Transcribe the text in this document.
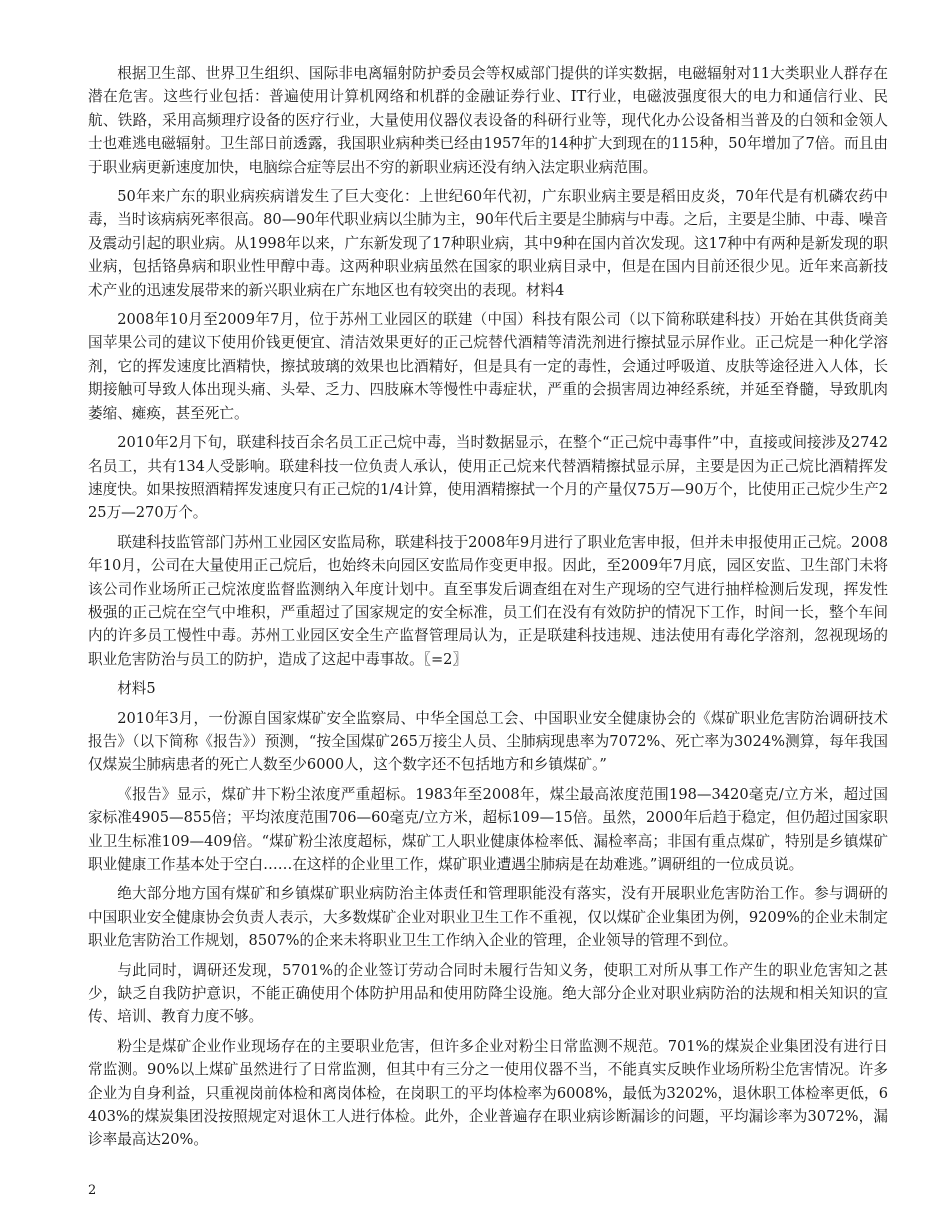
根据卫生部、世界卫生组织、国际非电离辐射防护委员会等权威部门提供的详实数据，电磁辐射对11大类职业人群存在潜在危害。这些行业包括：普遍使用计算机网络和机群的金融证券行业、IT行业，电磁波强度很大的电力和通信行业、民航、铁路，采用高频理疗设备的医疗行业，大量使用仪器仪表设备的科研行业等，现代化办公设备相当普及的白领和金领人士也难逃电磁辐射。卫生部日前透露，我国职业病种类已经由1957年的14种扩大到现在的115种，50年增加了7倍。而且由于职业病更新速度加快，电脑综合症等层出不穷的新职业病还没有纳入法定职业病范围。

50年来广东的职业病疾病谱发生了巨大变化：上世纪60年代初，广东职业病主要是稻田皮炎，70年代是有机磷农药中毒，当时该病病死率很高。80—90年代职业病以尘肺为主，90年代后主要是尘肺病与中毒。之后，主要是尘肺、中毒、噪音及震动引起的职业病。从1998年以来，广东新发现了17种职业病，其中9种在国内首次发现。这17种中有两种是新发现的职业病，包括铬鼻病和职业性甲醇中毒。这两种职业病虽然在国家的职业病目录中，但是在国内目前还很少见。近年来高新技术产业的迅速发展带来的新兴职业病在广东地区也有较突出的表现。材料4

2008年10月至2009年7月，位于苏州工业园区的联建（中国）科技有限公司（以下简称联建科技）开始在其供货商美国苹果公司的建议下使用价钱更便宜、清洁效果更好的正己烷替代酒精等清洗剂进行擦拭显示屏作业。正己烷是一种化学溶剂，它的挥发速度比酒精快，擦拭玻璃的效果也比酒精好，但是具有一定的毒性，会通过呼吸道、皮肤等途径进入人体，长期接触可导致人体出现头痛、头晕、乏力、四肢麻木等慢性中毒症状，严重的会损害周边神经系统，并延至脊髓，导致肌肉萎缩、瘫痪，甚至死亡。

2010年2月下旬，联建科技百余名员工正己烷中毒，当时数据显示，在整个“正己烷中毒事件”中，直接或间接涉及2742名员工，共有134人受影响。联建科技一位负责人承认，使用正己烷来代替酒精擦拭显示屏，主要是因为正己烷比酒精挥发速度快。如果按照酒精挥发速度只有正己烷的1/4计算，使用酒精擦拭一个月的产量仅75万—90万个，比使用正己烷少生产225万—270万个。

联建科技监管部门苏州工业园区安监局称，联建科技于2008年9月进行了职业危害申报，但并未申报使用正己烷。2008年10月，公司在大量使用正己烷后，也始终未向园区安监局作变更申报。因此，至2009年7月底，园区安监、卫生部门未将该公司作业场所正己烷浓度监督监测纳入年度计划中。直至事发后调查组在对生产现场的空气进行抽样检测后发现，挥发性极强的正己烷在空气中堆积，严重超过了国家规定的安全标准，员工们在没有有效防护的情况下工作，时间一长，整个车间内的许多员工慢性中毒。苏州工业园区安全生产监督管理局认为，正是联建科技违规、违法使用有毒化学溶剂，忽视现场的职业危害防治与员工的防护，造成了这起中毒事故。〖=2〗

材料5

2010年3月，一份源自国家煤矿安全监察局、中华全国总工会、中国职业安全健康协会的《煤矿职业危害防治调研技术报告》（以下简称《报告》）预测，“按全国煤矿265万接尘人员、尘肺病现患率为7072%、死亡率为3024%测算，每年我国仅煤炭尘肺病患者的死亡人数至少6000人，这个数字还不包括地方和乡镇煤矿。”

《报告》显示，煤矿井下粉尘浓度严重超标。1983年至2008年，煤尘最高浓度范围198—3420毫克/立方米，超过国家标准4905—855倍；平均浓度范围706—60毫克/立方米，超标109—15倍。虽然，2000年后趋于稳定，但仍超过国家职业卫生标准109—409倍。“煤矿粉尘浓度超标，煤矿工人职业健康体检率低、漏检率高；非国有重点煤矿，特别是乡镇煤矿职业健康工作基本处于空白……在这样的企业里工作，煤矿职业遭遇尘肺病是在劫难逃。”调研组的一位成员说。

绝大部分地方国有煤矿和乡镇煤矿职业病防治主体责任和管理职能没有落实，没有开展职业危害防治工作。参与调研的中国职业安全健康协会负责人表示，大多数煤矿企业对职业卫生工作不重视，仅以煤矿企业集团为例，9209%的企业未制定职业危害防治工作规划，8507%的企来未将职业卫生工作纳入企业的管理，企业领导的管理不到位。

与此同时，调研还发现，5701%的企业签订劳动合同时未履行告知义务，使职工对所从事工作产生的职业危害知之甚少，缺乏自我防护意识，不能正确使用个体防护用品和使用防降尘设施。绝大部分企业对职业病防治的法规和相关知识的宣传、培训、教育力度不够。

粉尘是煤矿企业作业现场存在的主要职业危害，但许多企业对粉尘日常监测不规范。701%的煤炭企业集团没有进行日常监测。90%以上煤矿虽然进行了日常监测，但其中有三分之一使用仪器不当，不能真实反映作业场所粉尘危害情况。许多企业为自身利益，只重视岗前体检和离岗体检，在岗职工的平均体检率为6008%，最低为3202%，退休职工体检率更低，6403%的煤炭集团没按照规定对退休工人进行体检。此外，企业普遍存在职业病诊断漏诊的问题，平均漏诊率为3072%，漏诊率最高达20%。

2
